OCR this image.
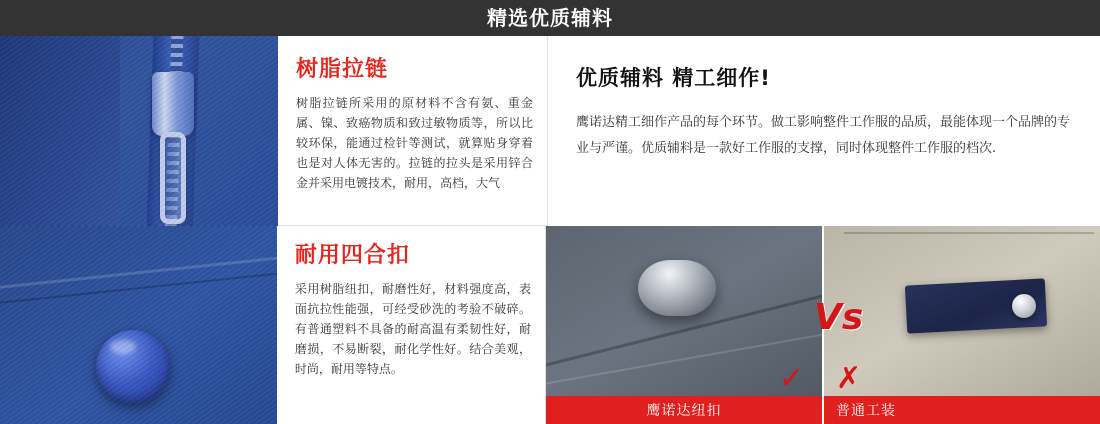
精选优质辅料
树脂拉链
树脂拉链所采用的原材料不含有氨、重金属、镍、致癌物质和致过敏物质等，所以比较环保，能通过检针等测试，就算贴身穿着也是对人体无害的。拉链的拉头是采用锌合金并采用电镀技术，耐用，高档，大气
优质辅料 精工细作!
鹰诺达精工细作产品的每个环节。做工影响整件工作服的品质，最能体现一个品牌的专业与严谨。优质辅料是一款好工作服的支撑，同时体现整件工作服的档次.
耐用四合扣
采用树脂纽扣，耐磨性好，材料强度高，表面抗拉性能强，可经受砂洗的考验不破碎。有普通塑料不具备的耐高温有柔韧性好，耐磨损，不易断裂，耐化学性好。结合美观，时尚，耐用等特点。	✓
鹰诺达纽扣
✗
普通工装
Vs
